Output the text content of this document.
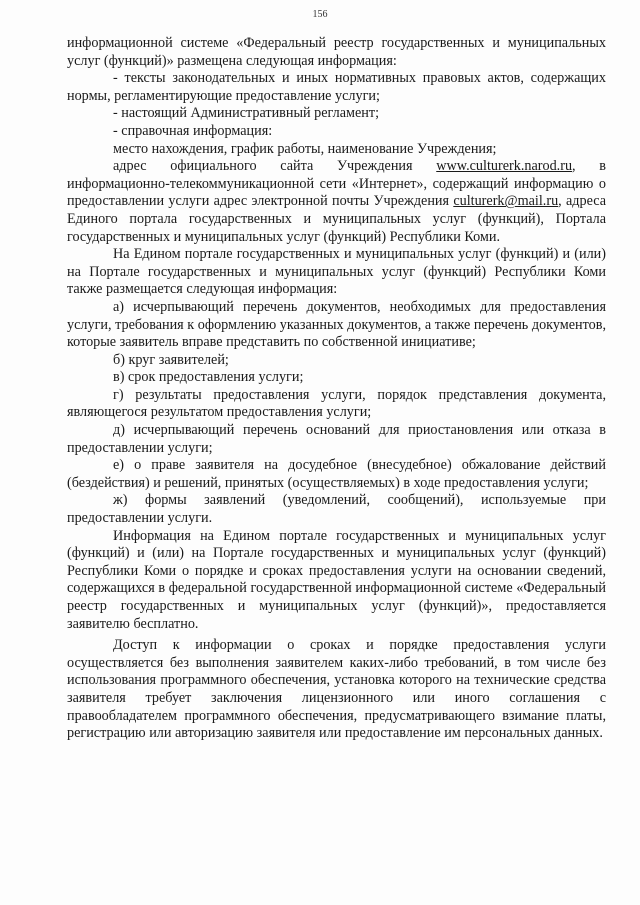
156

информационной системе «Федеральный реестр государственных и муниципальных услуг (функций)» размещена следующая информация:

- тексты законодательных и иных нормативных правовых актов, содержащих нормы, регламентирующие предоставление услуги;

- настоящий Административный регламент;

- справочная информация:

место нахождения, график работы, наименование Учреждения;

адрес официального сайта Учреждения www.culturerk.narod.ru, в информационно-телекоммуникационной сети «Интернет», содержащий информацию о предоставлении услуги адрес электронной почты Учреждения culturerk@mail.ru, адреса Единого портала государственных и муниципальных услуг (функций), Портала государственных и муниципальных услуг (функций) Республики Коми.

На Едином портале государственных и муниципальных услуг (функций) и (или) на Портале государственных и муниципальных услуг (функций) Республики Коми также размещается следующая информация:

а) исчерпывающий перечень документов, необходимых для предоставления услуги, требования к оформлению указанных документов, а также перечень документов, которые заявитель вправе представить по собственной инициативе;

б) круг заявителей;

в) срок предоставления услуги;

г) результаты предоставления услуги, порядок представления документа, являющегося результатом предоставления услуги;

д) исчерпывающий перечень оснований для приостановления или отказа в предоставлении услуги;

е) о праве заявителя на досудебное (внесудебное) обжалование действий (бездействия) и решений, принятых (осуществляемых) в ходе предоставления услуги;

ж) формы заявлений (уведомлений, сообщений), используемые при предоставлении услуги.

Информация на Едином портале государственных и муниципальных услуг (функций) и (или) на Портале государственных и муниципальных услуг (функций) Республики Коми о порядке и сроках предоставления услуги на основании сведений, содержащихся в федеральной государственной информационной системе «Федеральный реестр государственных и муниципальных услуг (функций)», предоставляется заявителю бесплатно.

Доступ к информации о сроках и порядке предоставления услуги осуществляется без выполнения заявителем каких-либо требований, в том числе без использования программного обеспечения, установка которого на технические средства заявителя требует заключения лицензионного или иного соглашения с правообладателем программного обеспечения, предусматривающего взимание платы, регистрацию или авторизацию заявителя или предоставление им персональных данных.
